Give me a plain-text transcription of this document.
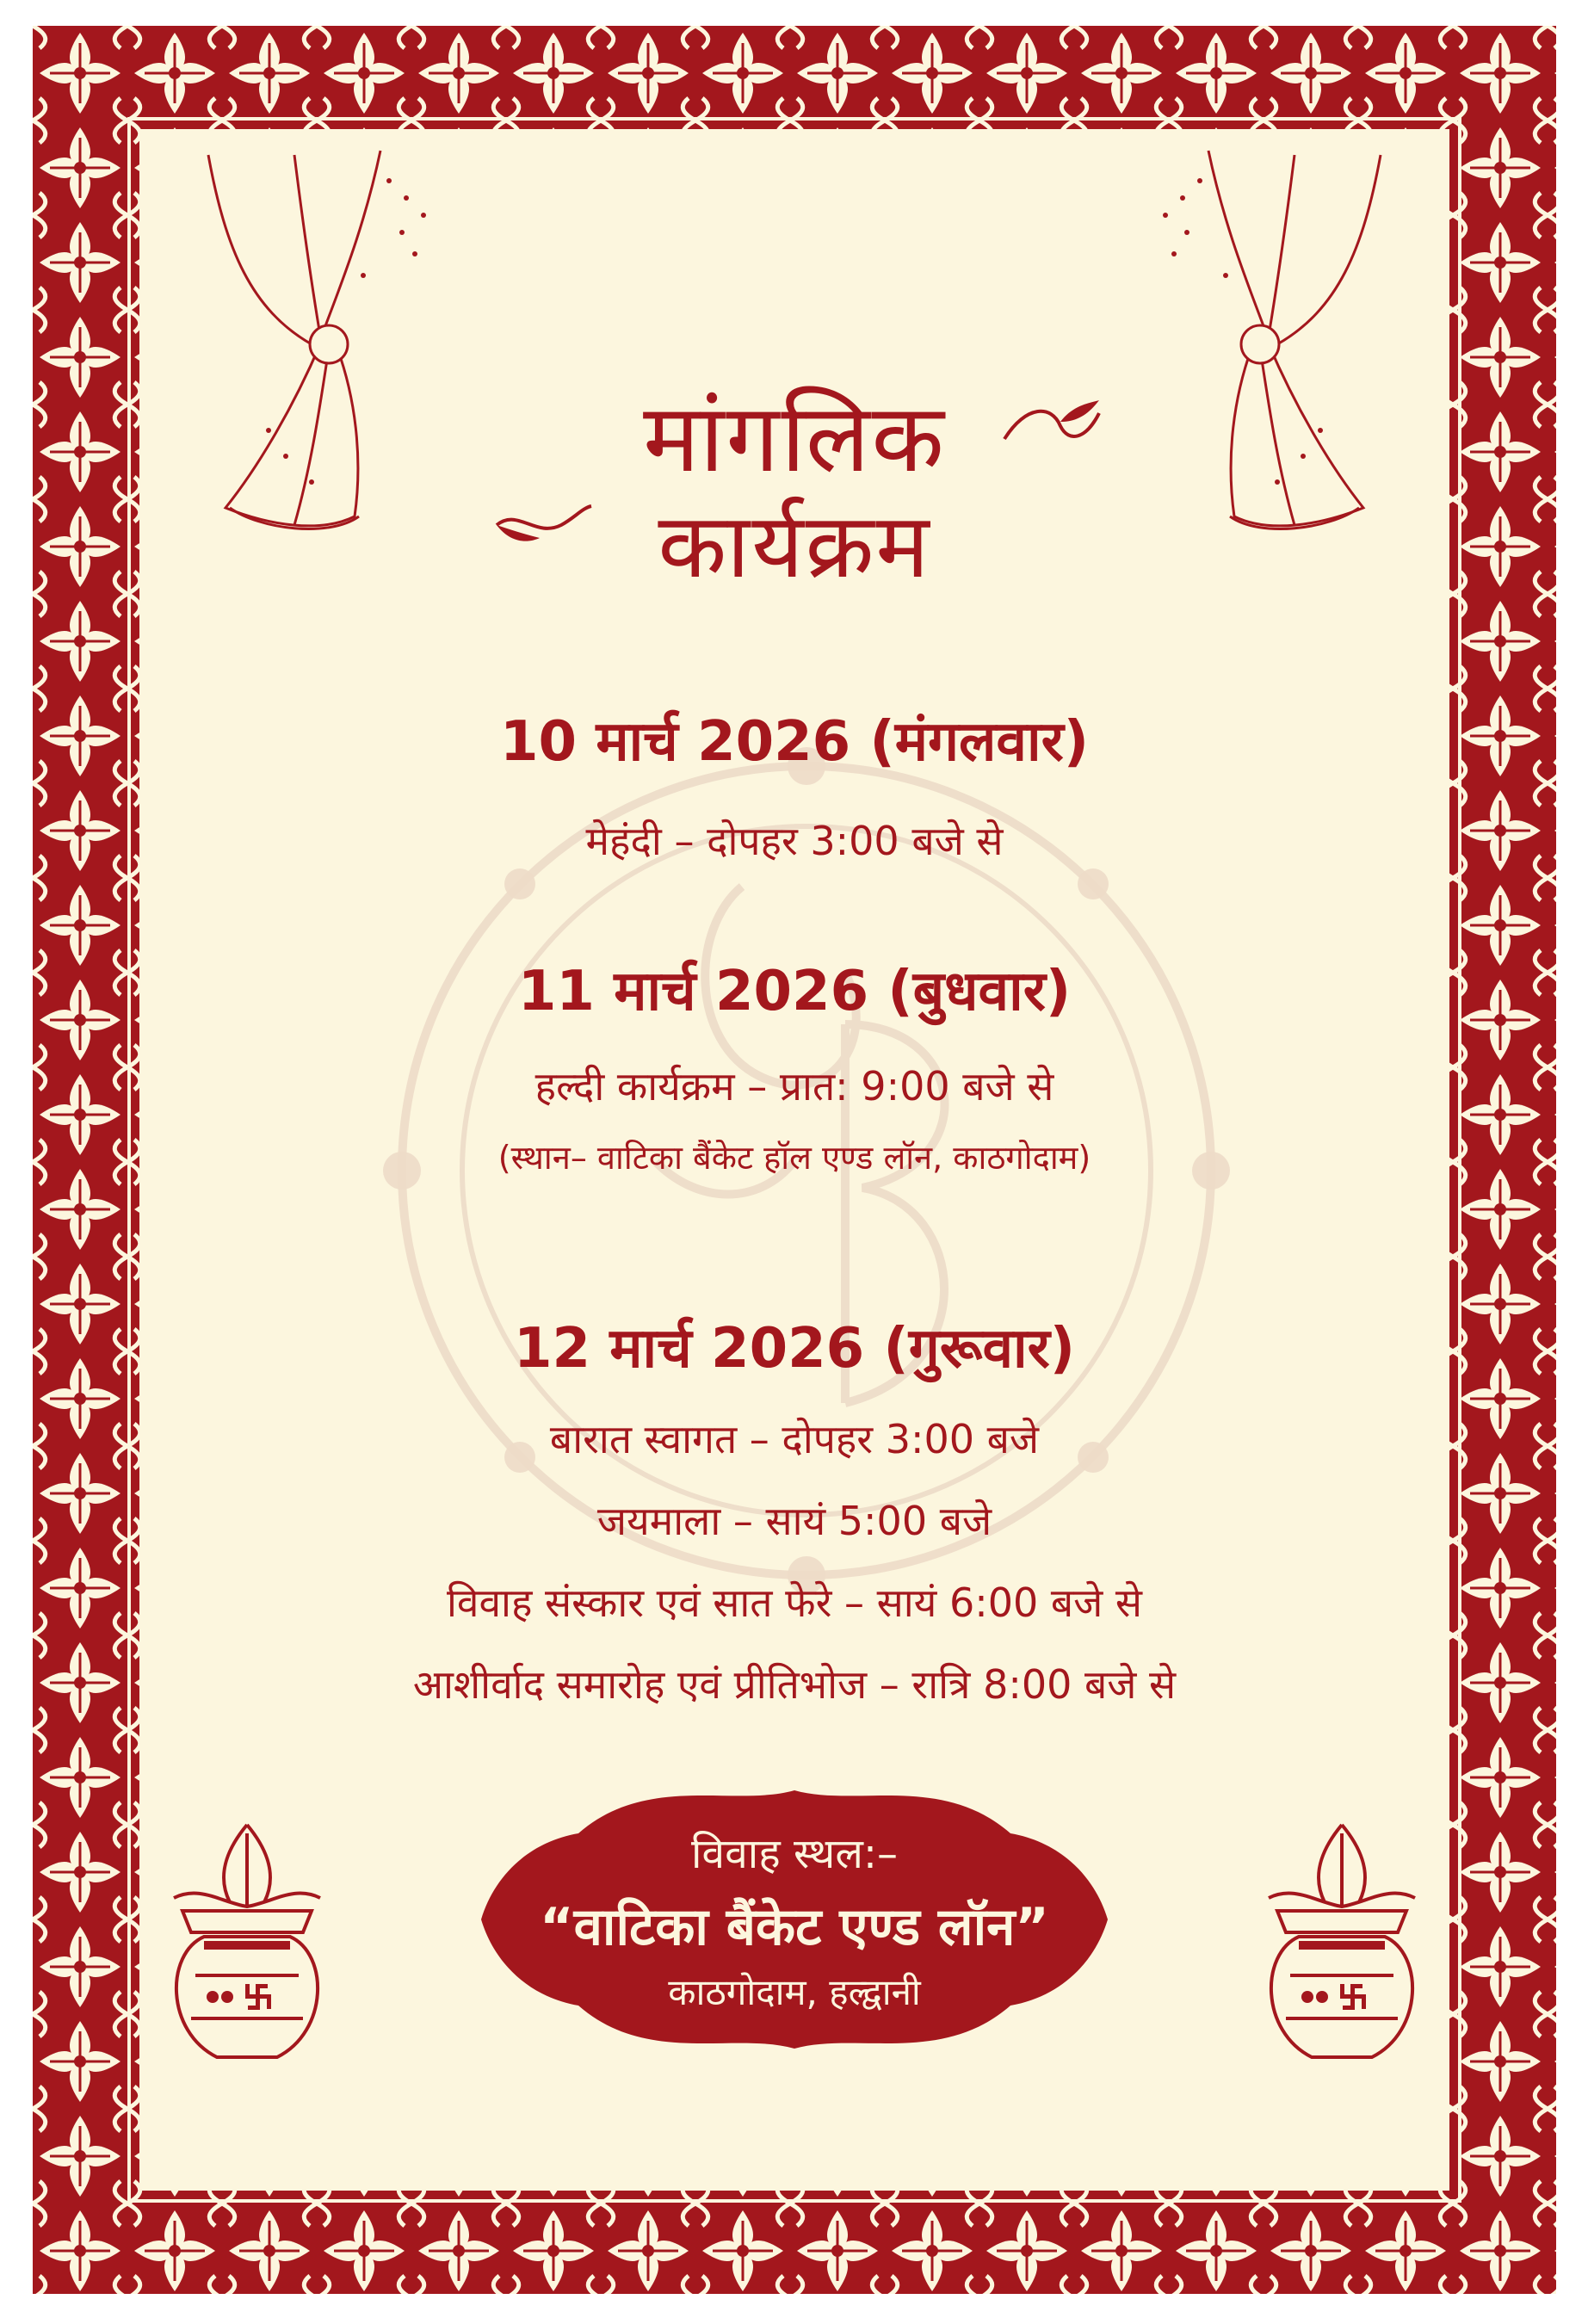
मांगलिक
कार्यक्रम
10 मार्च 2026 (मंगलवार)
मेहंदी – दोपहर 3:00 बजे से
11 मार्च 2026 (बुधवार)
हल्दी कार्यक्रम – प्रात: 9:00 बजे से
(स्थान– वाटिका बैंकेट हॉल एण्ड लॉन, काठगोदाम)
12 मार्च 2026 (गुरूवार)
बारात स्वागत – दोपहर 3:00 बजे
जयमाला – सायं 5:00 बजे
विवाह संस्कार एवं सात फेरे – सायं 6:00 बजे से
आशीर्वाद समारोह एवं प्रीतिभोज – रात्रि 8:00 बजे से
विवाह स्थल:–
“वाटिका बैंकेट एण्ड लॉन”
काठगोदाम, हल्द्वानी
